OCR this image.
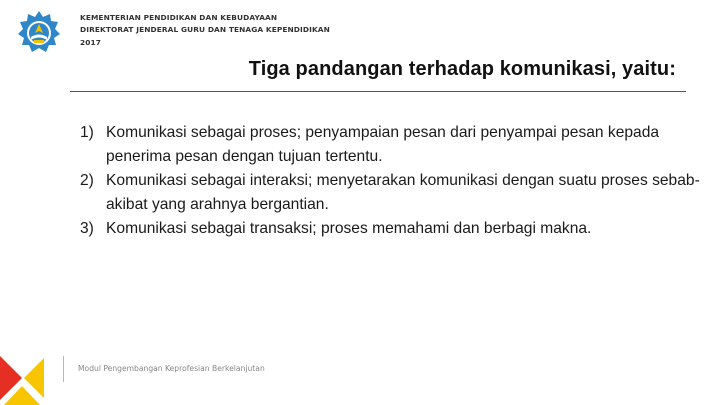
KEMENTERIAN PENDIDIKAN DAN KEBUDAYAAN
DIREKTORAT JENDERAL GURU DAN TENAGA KEPENDIDIKAN
2017
Tiga pandangan terhadap komunikasi, yaitu:
1) Komunikasi sebagai proses; penyampaian pesan dari penyampai pesan kepada penerima pesan dengan tujuan tertentu.
2) Komunikasi sebagai interaksi; menyetarakan komunikasi dengan suatu proses sebab-akibat yang arahnya bergantian.
3) Komunikasi sebagai transaksi; proses memahami dan berbagi makna.
Modul Pengembangan Keprofesian Berkelanjutan
